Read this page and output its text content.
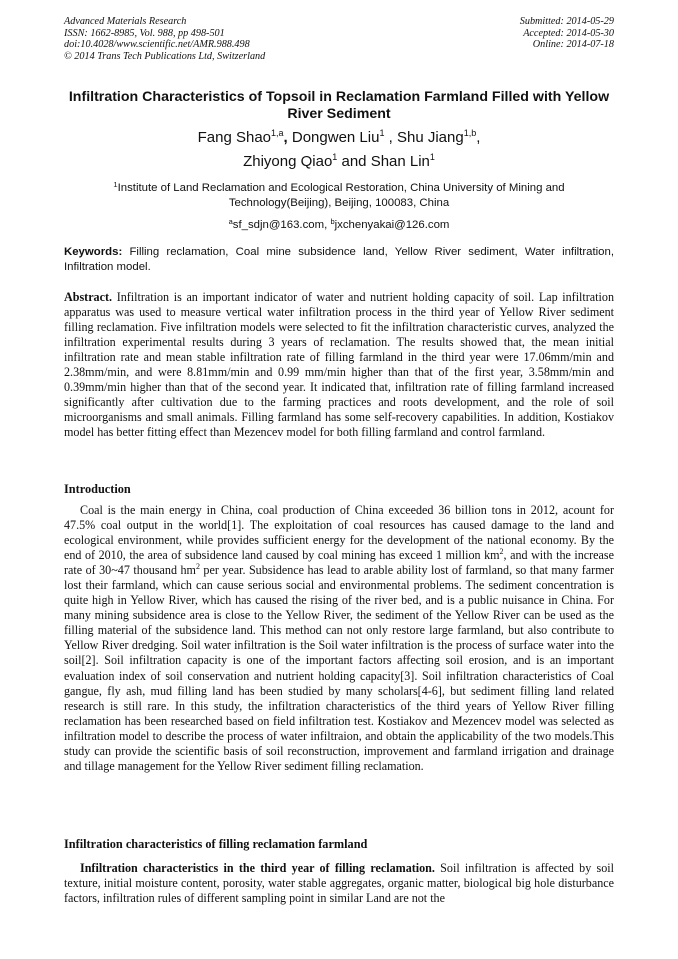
Advanced Materials Research
ISSN: 1662-8985, Vol. 988, pp 498-501
doi:10.4028/www.scientific.net/AMR.988.498
© 2014 Trans Tech Publications Ltd, Switzerland
Submitted: 2014-05-29
Accepted: 2014-05-30
Online: 2014-07-18
Infiltration Characteristics of Topsoil in Reclamation Farmland Filled with Yellow River Sediment
Fang Shao$^{1,a}$, Dongwen Liu$^1$ , Shu Jiang$^{1,b}$,
Zhiyong Qiao$^1$ and Shan Lin$^1$
$^1$Institute of Land Reclamation and Ecological Restoration, China University of Mining and Technology(Beijing), Beijing, 100083, China
$^a$sf_sdjn@163.com, $^b$jxchenyakai@126.com
Keywords: Filling reclamation, Coal mine subsidence land, Yellow River sediment, Water infiltration, Infiltration model.
Abstract. Infiltration is an important indicator of water and nutrient holding capacity of soil. Lap infiltration apparatus was used to measure vertical water infiltration process in the third year of Yellow River sediment filling reclamation. Five infiltration models were selected to fit the infiltration characteristic curves, analyzed the infiltration experimental results during 3 years of reclamation. The results showed that, the mean initial infiltration rate and mean stable infiltration rate of filling farmland in the third year were 17.06mm/min and 2.38mm/min, and were 8.81mm/min and 0.99 mm/min higher than that of the first year, 3.58mm/min and 0.39mm/min higher than that of the second year. It indicated that, infiltration rate of filling farmland increased significantly after cultivation due to the farming practices and roots development, and the role of soil microorganisms and small animals. Filling farmland has some self-recovery capabilities. In addition, Kostiakov model has better fitting effect than Mezencev model for both filling farmland and control farmland.
Introduction
Coal is the main energy in China, coal production of China exceeded 36 billion tons in 2012, acount for 47.5% coal output in the world[1]. The exploitation of coal resources has caused damage to the land and ecological environment, while provides sufficient energy for the development of the national economy. By the end of 2010, the area of subsidence land caused by coal mining has exceed 1 million $km^2$, and with the increase rate of 30~47 thousand $hm^2$ per year. Subsidence has lead to arable ability lost of farmland, so that many farmer lost their farmland, which can cause serious social and environmental problems. The sediment concentration is quite high in Yellow River, which has caused the rising of the river bed, and is a public nuisance in China. For many mining subsidence area is close to the Yellow River, the sediment of the Yellow River can be used as the filling material of the subsidence land. This method can not only restore large farmland, but also contribute to Yellow River dredging. Soil water infiltration is the Soil water infiltration is the process of surface water into the soil[2]. Soil infiltration capacity is one of the important factors affecting soil erosion, and is an important evaluation index of soil conservation and nutrient holding capacity[3]. Soil infiltration characteristics of Coal gangue, fly ash, mud filling land has been studied by many scholars[4-6], but sediment filling land related research is still rare. In this study, the infiltration characteristics of the third years of Yellow River filling reclamation has been researched based on field infiltration test. Kostiakov and Mezencev model was selected as infiltration model to describe the process of water infiltraion, and obtain the applicability of the two models.This study can provide the scientific basis of soil reconstruction, improvement and farmland irrigation and drainage and tillage management for the Yellow River sediment filling reclamation.
Infiltration characteristics of filling reclamation farmland
Infiltration characteristics in the third year of filling reclamation. Soil infiltration is affected by soil texture, initial moisture content, porosity, water stable aggregates, organic matter, biological big hole disturbance factors, infiltration rules of different sampling point in similar Land are not the
